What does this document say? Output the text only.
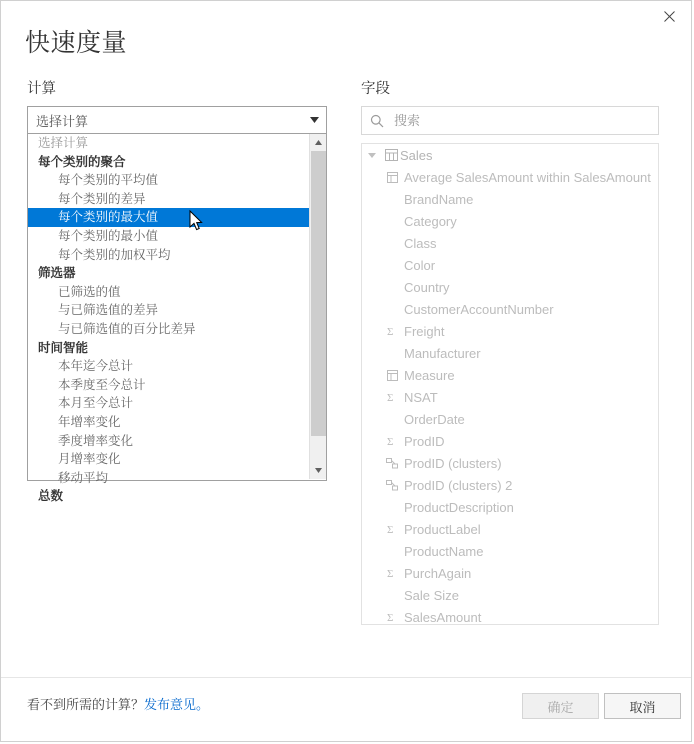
快速度量
计算	字段
选择计算
选择计算
每个类别的聚合
每个类别的平均值
每个类别的差异
每个类别的最大值
每个类别的最小值
每个类别的加权平均
筛选器
已筛选的值
与已筛选值的差异
与已筛选值的百分比差异
时间智能
本年迄今总计
本季度至今总计
本月至今总计
年增率变化
季度增率变化
月增率变化
移动平均
总数
搜索
Sales
Average SalesAmount within SalesAmount
BrandName
Category
Class
Color
Country
CustomerAccountNumber
Σ Freight
Manufacturer
Measure
Σ NSAT
OrderDate
Σ ProdID
ProdID (clusters)
ProdID (clusters) 2
ProductDescription
Σ ProductLabel
ProductName
Σ PurchAgain
Sale Size
Σ SalesAmount
看不到所需的计算？发布意见。	确定	取消
